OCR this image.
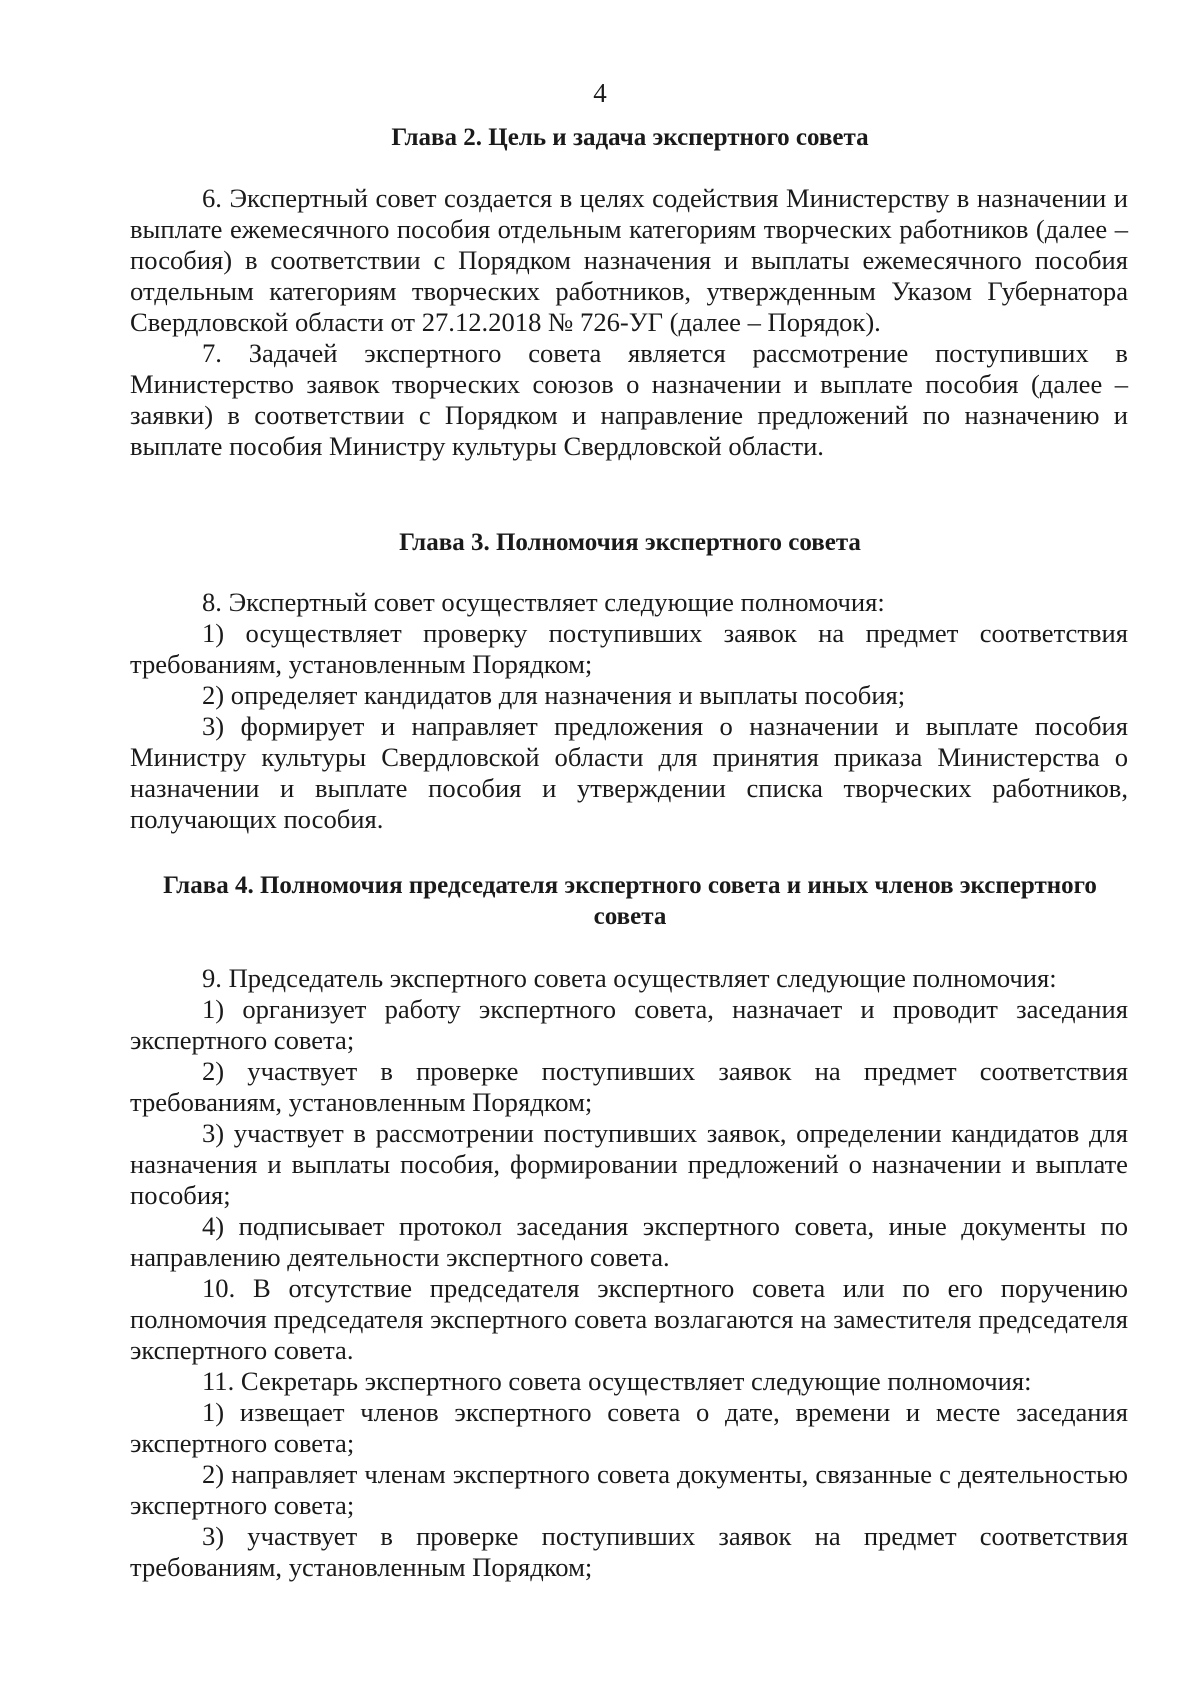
4
Глава 2. Цель и задача экспертного совета

6. Экспертный совет создается в целях содействия Министерству в назначении и выплате ежемесячного пособия отдельным категориям творческих работников (далее – пособия) в соответствии с Порядком назначения и выплаты ежемесячного пособия отдельным категориям творческих работников, утвержденным Указом Губернатора Свердловской области от 27.12.2018 № 726-УГ (далее – Порядок).

7. Задачей экспертного совета является рассмотрение поступивших в Министерство заявок творческих союзов о назначении и выплате пособия (далее – заявки) в соответствии с Порядком и направление предложений по назначению и выплате пособия Министру культуры Свердловской области.

Глава 3. Полномочия экспертного совета

8. Экспертный совет осуществляет следующие полномочия:

1) осуществляет проверку поступивших заявок на предмет соответствия требованиям, установленным Порядком;

2) определяет кандидатов для назначения и выплаты пособия;

3) формирует и направляет предложения о назначении и выплате пособия Министру культуры Свердловской области для принятия приказа Министерства о назначении и выплате пособия и утверждении списка творческих работников, получающих пособия.

Глава 4. Полномочия председателя экспертного совета и иных членов экспертного совета

9. Председатель экспертного совета осуществляет следующие полномочия:

1) организует работу экспертного совета, назначает и проводит заседания экспертного совета;

2) участвует в проверке поступивших заявок на предмет соответствия требованиям, установленным Порядком;

3) участвует в рассмотрении поступивших заявок, определении кандидатов для назначения и выплаты пособия, формировании предложений о назначении и выплате пособия;

4) подписывает протокол заседания экспертного совета, иные документы по направлению деятельности экспертного совета.

10. В отсутствие председателя экспертного совета или по его поручению полномочия председателя экспертного совета возлагаются на заместителя председателя экспертного совета.

11. Секретарь экспертного совета осуществляет следующие полномочия:

1) извещает членов экспертного совета о дате, времени и месте заседания экспертного совета;

2) направляет членам экспертного совета документы, связанные с деятельностью экспертного совета;

3) участвует в проверке поступивших заявок на предмет соответствия требованиям, установленным Порядком;
